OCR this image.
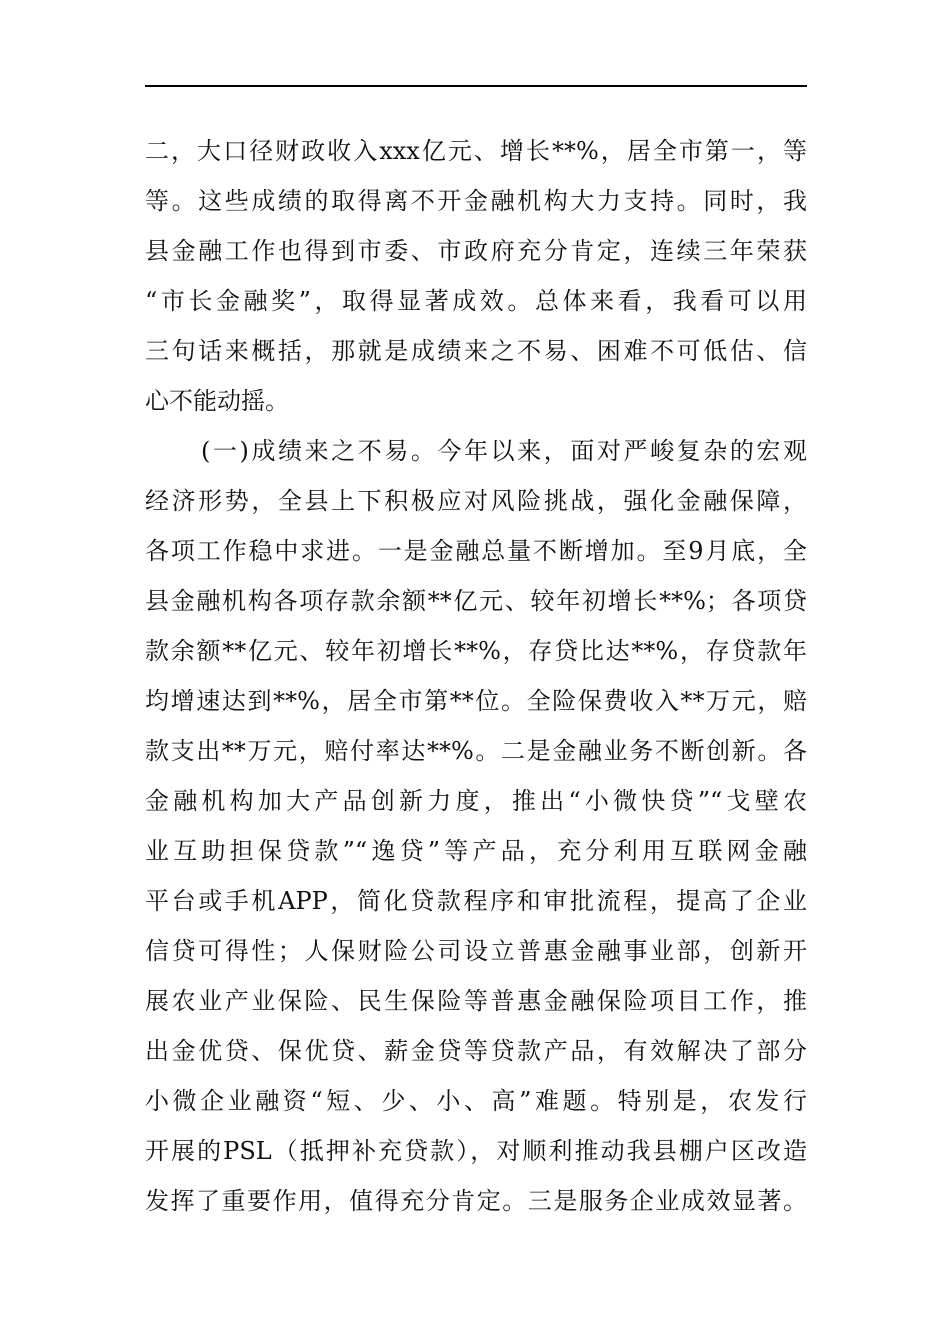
二，大口径财政收入xxx亿元、增长**%，居全市第一，等
等。这些成绩的取得离不开金融机构大力支持。同时，我
县金融工作也得到市委、市政府充分肯定，连续三年荣获
“市长金融奖”，取得显著成效。总体来看，我看可以用
三句话来概括，那就是成绩来之不易、困难不可低估、信
心不能动摇。
(一)成绩来之不易。今年以来，面对严峻复杂的宏观
经济形势，全县上下积极应对风险挑战，强化金融保障，
各项工作稳中求进。一是金融总量不断增加。至9月底，全
县金融机构各项存款余额**亿元、较年初增长**%；各项贷
款余额**亿元、较年初增长**%，存贷比达**%，存贷款年
均增速达到**%，居全市第**位。全险保费收入**万元，赔
款支出**万元，赔付率达**%。二是金融业务不断创新。各
金融机构加大产品创新力度，推出“小微快贷”“戈壁农
业互助担保贷款”“逸贷”等产品，充分利用互联网金融
平台或手机APP，简化贷款程序和审批流程，提高了企业
信贷可得性；人保财险公司设立普惠金融事业部，创新开
展农业产业保险、民生保险等普惠金融保险项目工作，推
出金优贷、保优贷、薪金贷等贷款产品，有效解决了部分
小微企业融资“短、少、小、高”难题。特别是，农发行
开展的PSL（抵押补充贷款），对顺利推动我县棚户区改造
发挥了重要作用，值得充分肯定。三是服务企业成效显著。
